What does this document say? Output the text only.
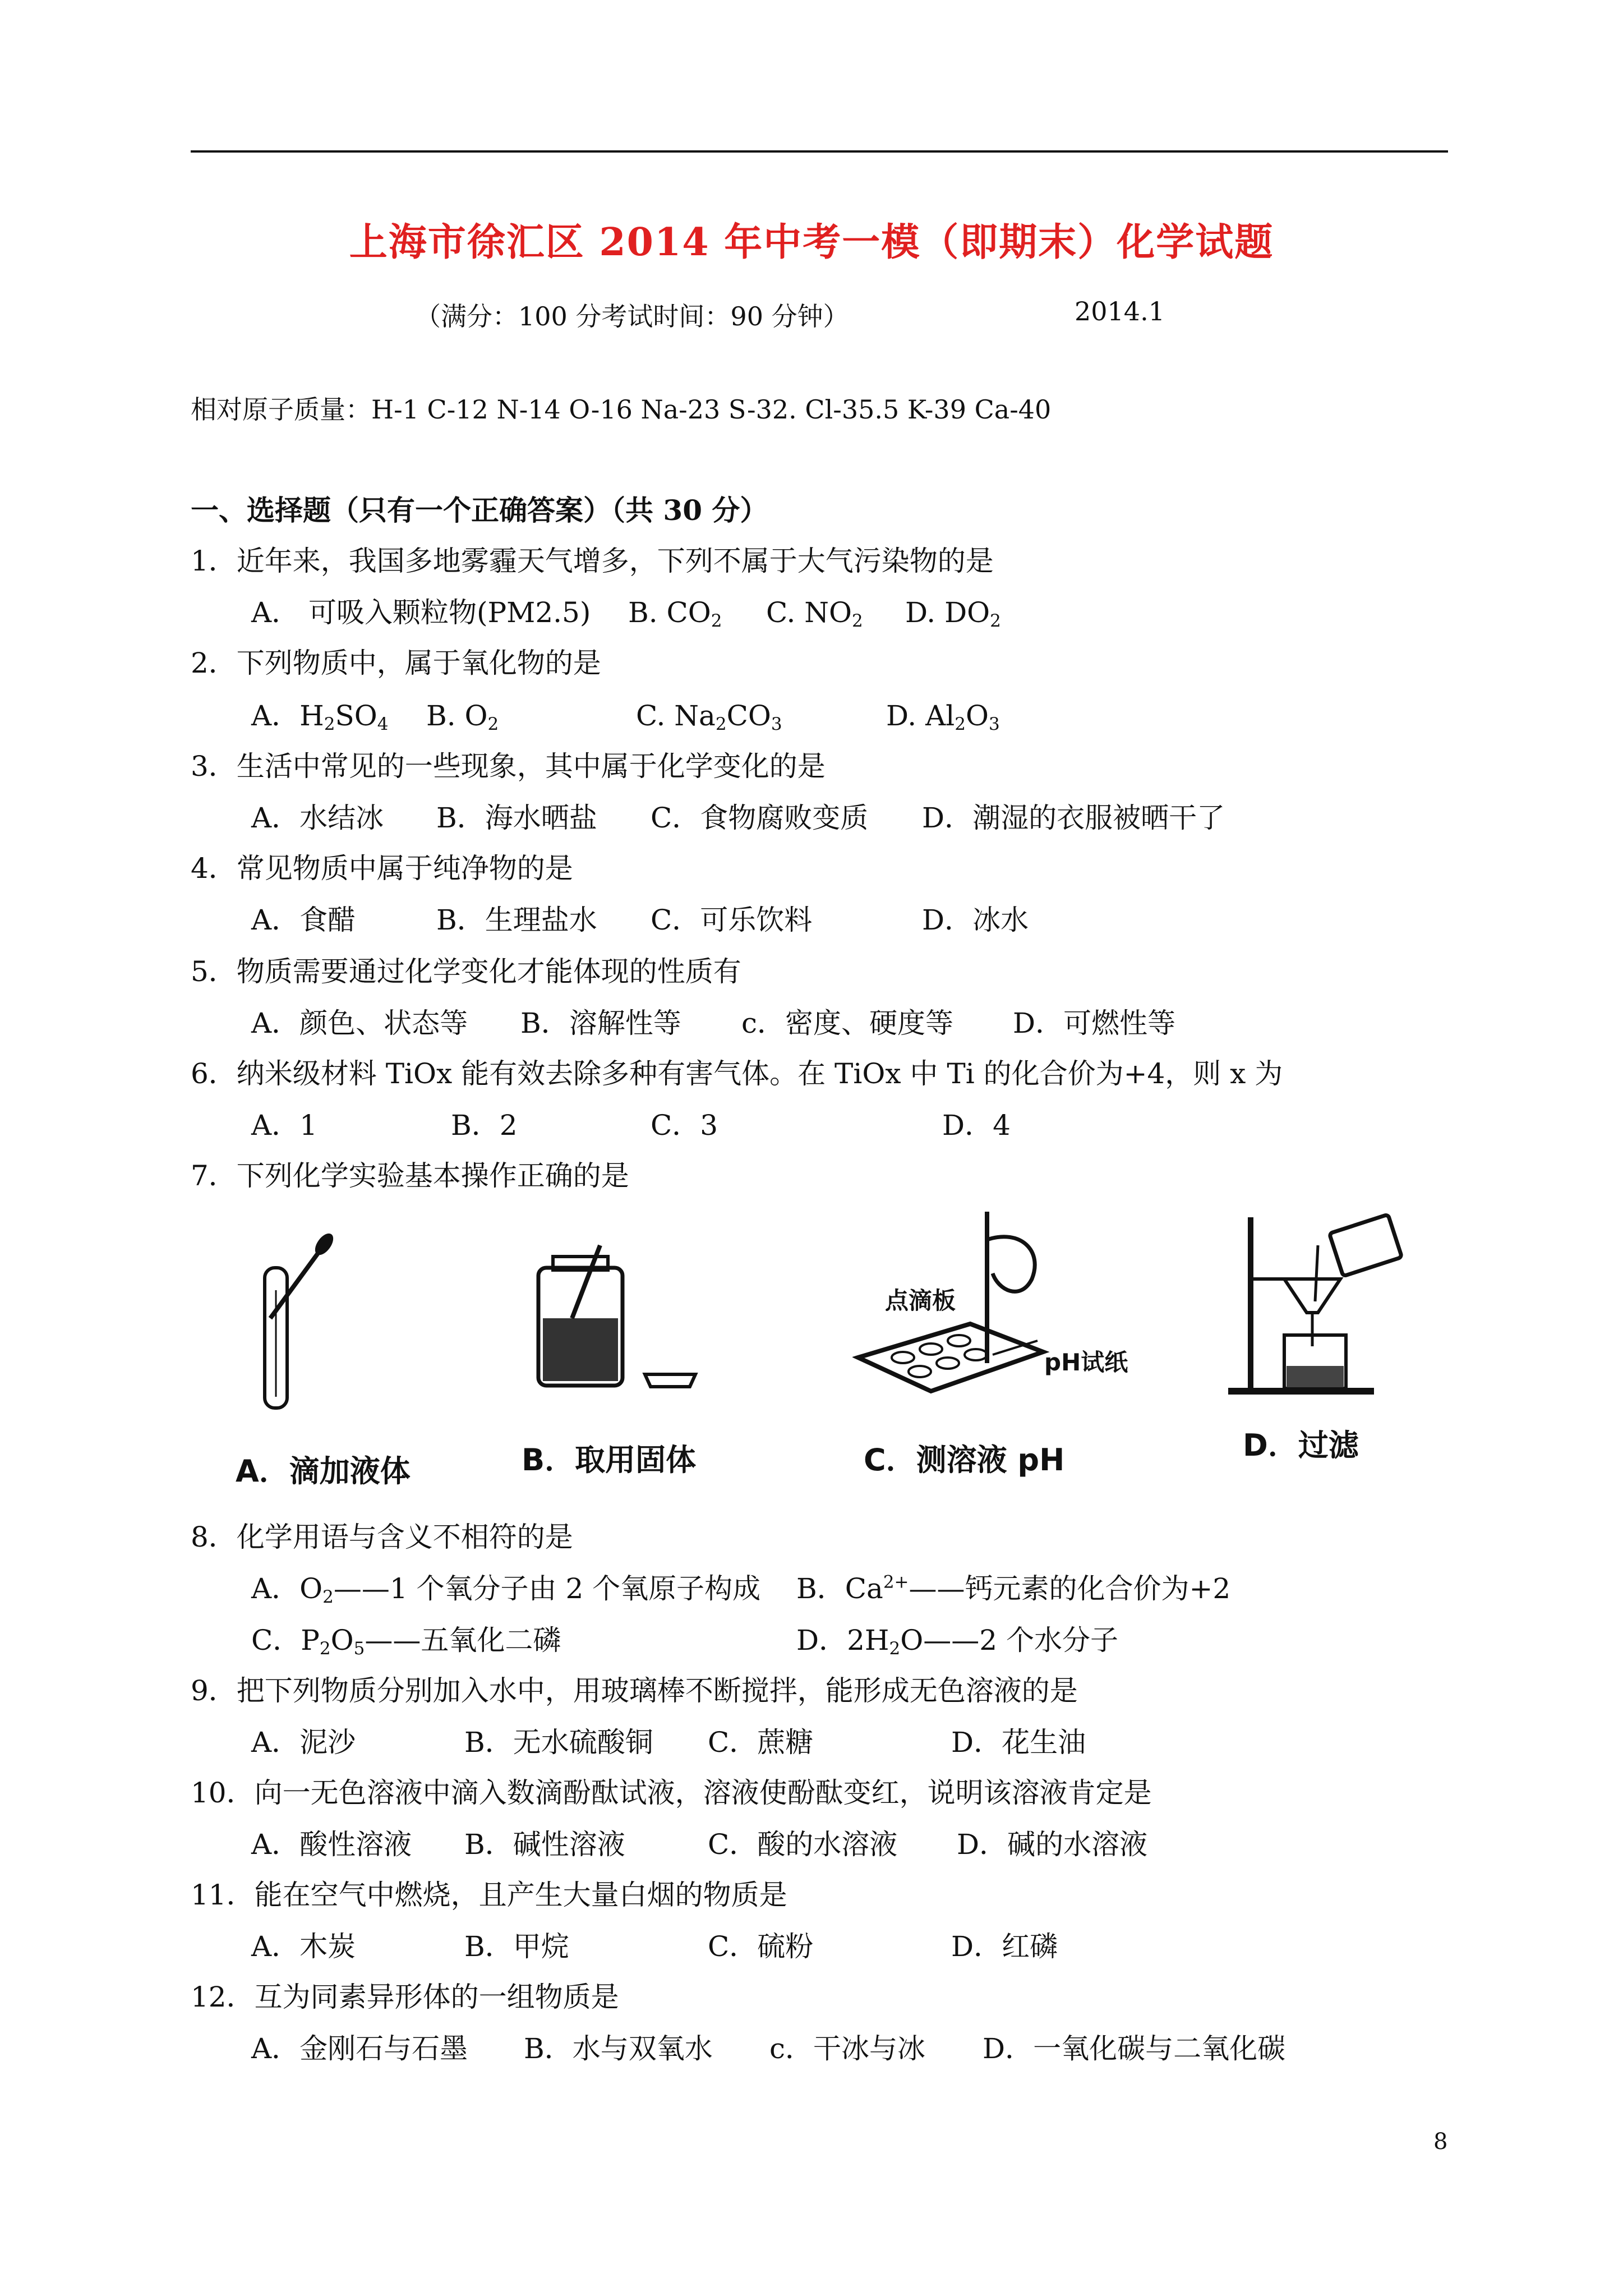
上海市徐汇区 2014 年中考一模（即期末）化学试题
（满分：100 分考试时间：90 分钟）	2014.1
相对原子质量：H-1 C-12 N-14 O-16 Na-23 S-32. Cl-35.5 K-39 Ca-40
一、选择题（只有一个正确答案）（共 30 分）
1．近年来，我国多地雾霾天气增多，下列不属于大气污染物的是
A． 可吸入颗粒物(PM2.5) B. $CO_2$ C. $NO_2$ D. $DO_2$
2．下列物质中，属于氧化物的是
A．$H_2SO_4$ B. $O_2$	C. $Na_2CO_3$	D. $Al_2O_3$
3．生活中常见的一些现象，其中属于化学变化的是
A．水结冰 B．海水晒盐 C．食物腐败变质 D．潮湿的衣服被晒干了
4．常见物质中属于纯净物的是
A．食醋	B．生理盐水 C．可乐饮料	D．冰水
5．物质需要通过化学变化才能体现的性质有
A．颜色、状态等 B．溶解性等 c．密度、硬度等 D．可燃性等
6．纳米级材料 TiOx 能有效去除多种有害气体。在 TiOx 中 Ti 的化合价为+4，则 x 为
A．1	B．2	C．3	D．4
7．下列化学实验基本操作正确的是
A．滴加液体	B．取用固体
点滴板
pH试纸
C．测溶液 pH	D．过滤
8．化学用语与含义不相符的是
A．$O_2——1$ 个氧分子由 2 个氧原子构成 B．$Ca^{2+}——$钙元素的化合价为+2
C．$P_2O_5——$五氧化二磷	D．$2H_2O——2$ 个水分子
9．把下列物质分别加入水中，用玻璃棒不断搅拌，能形成无色溶液的是
A．泥沙	B．无水硫酸铜 C．蔗糖	D．花生油
10．向一无色溶液中滴入数滴酚酞试液，溶液使酚酞变红，说明该溶液肯定是
A．酸性溶液 B．碱性溶液	C．酸的水溶液 D．碱的水溶液
11．能在空气中燃烧，且产生大量白烟的物质是
A．木炭	B．甲烷	C．硫粉	D．红磷
12．互为同素异形体的一组物质是
A．金刚石与石墨 B．水与双氧水 c．干冰与冰 D．一氧化碳与二氧化碳
8
